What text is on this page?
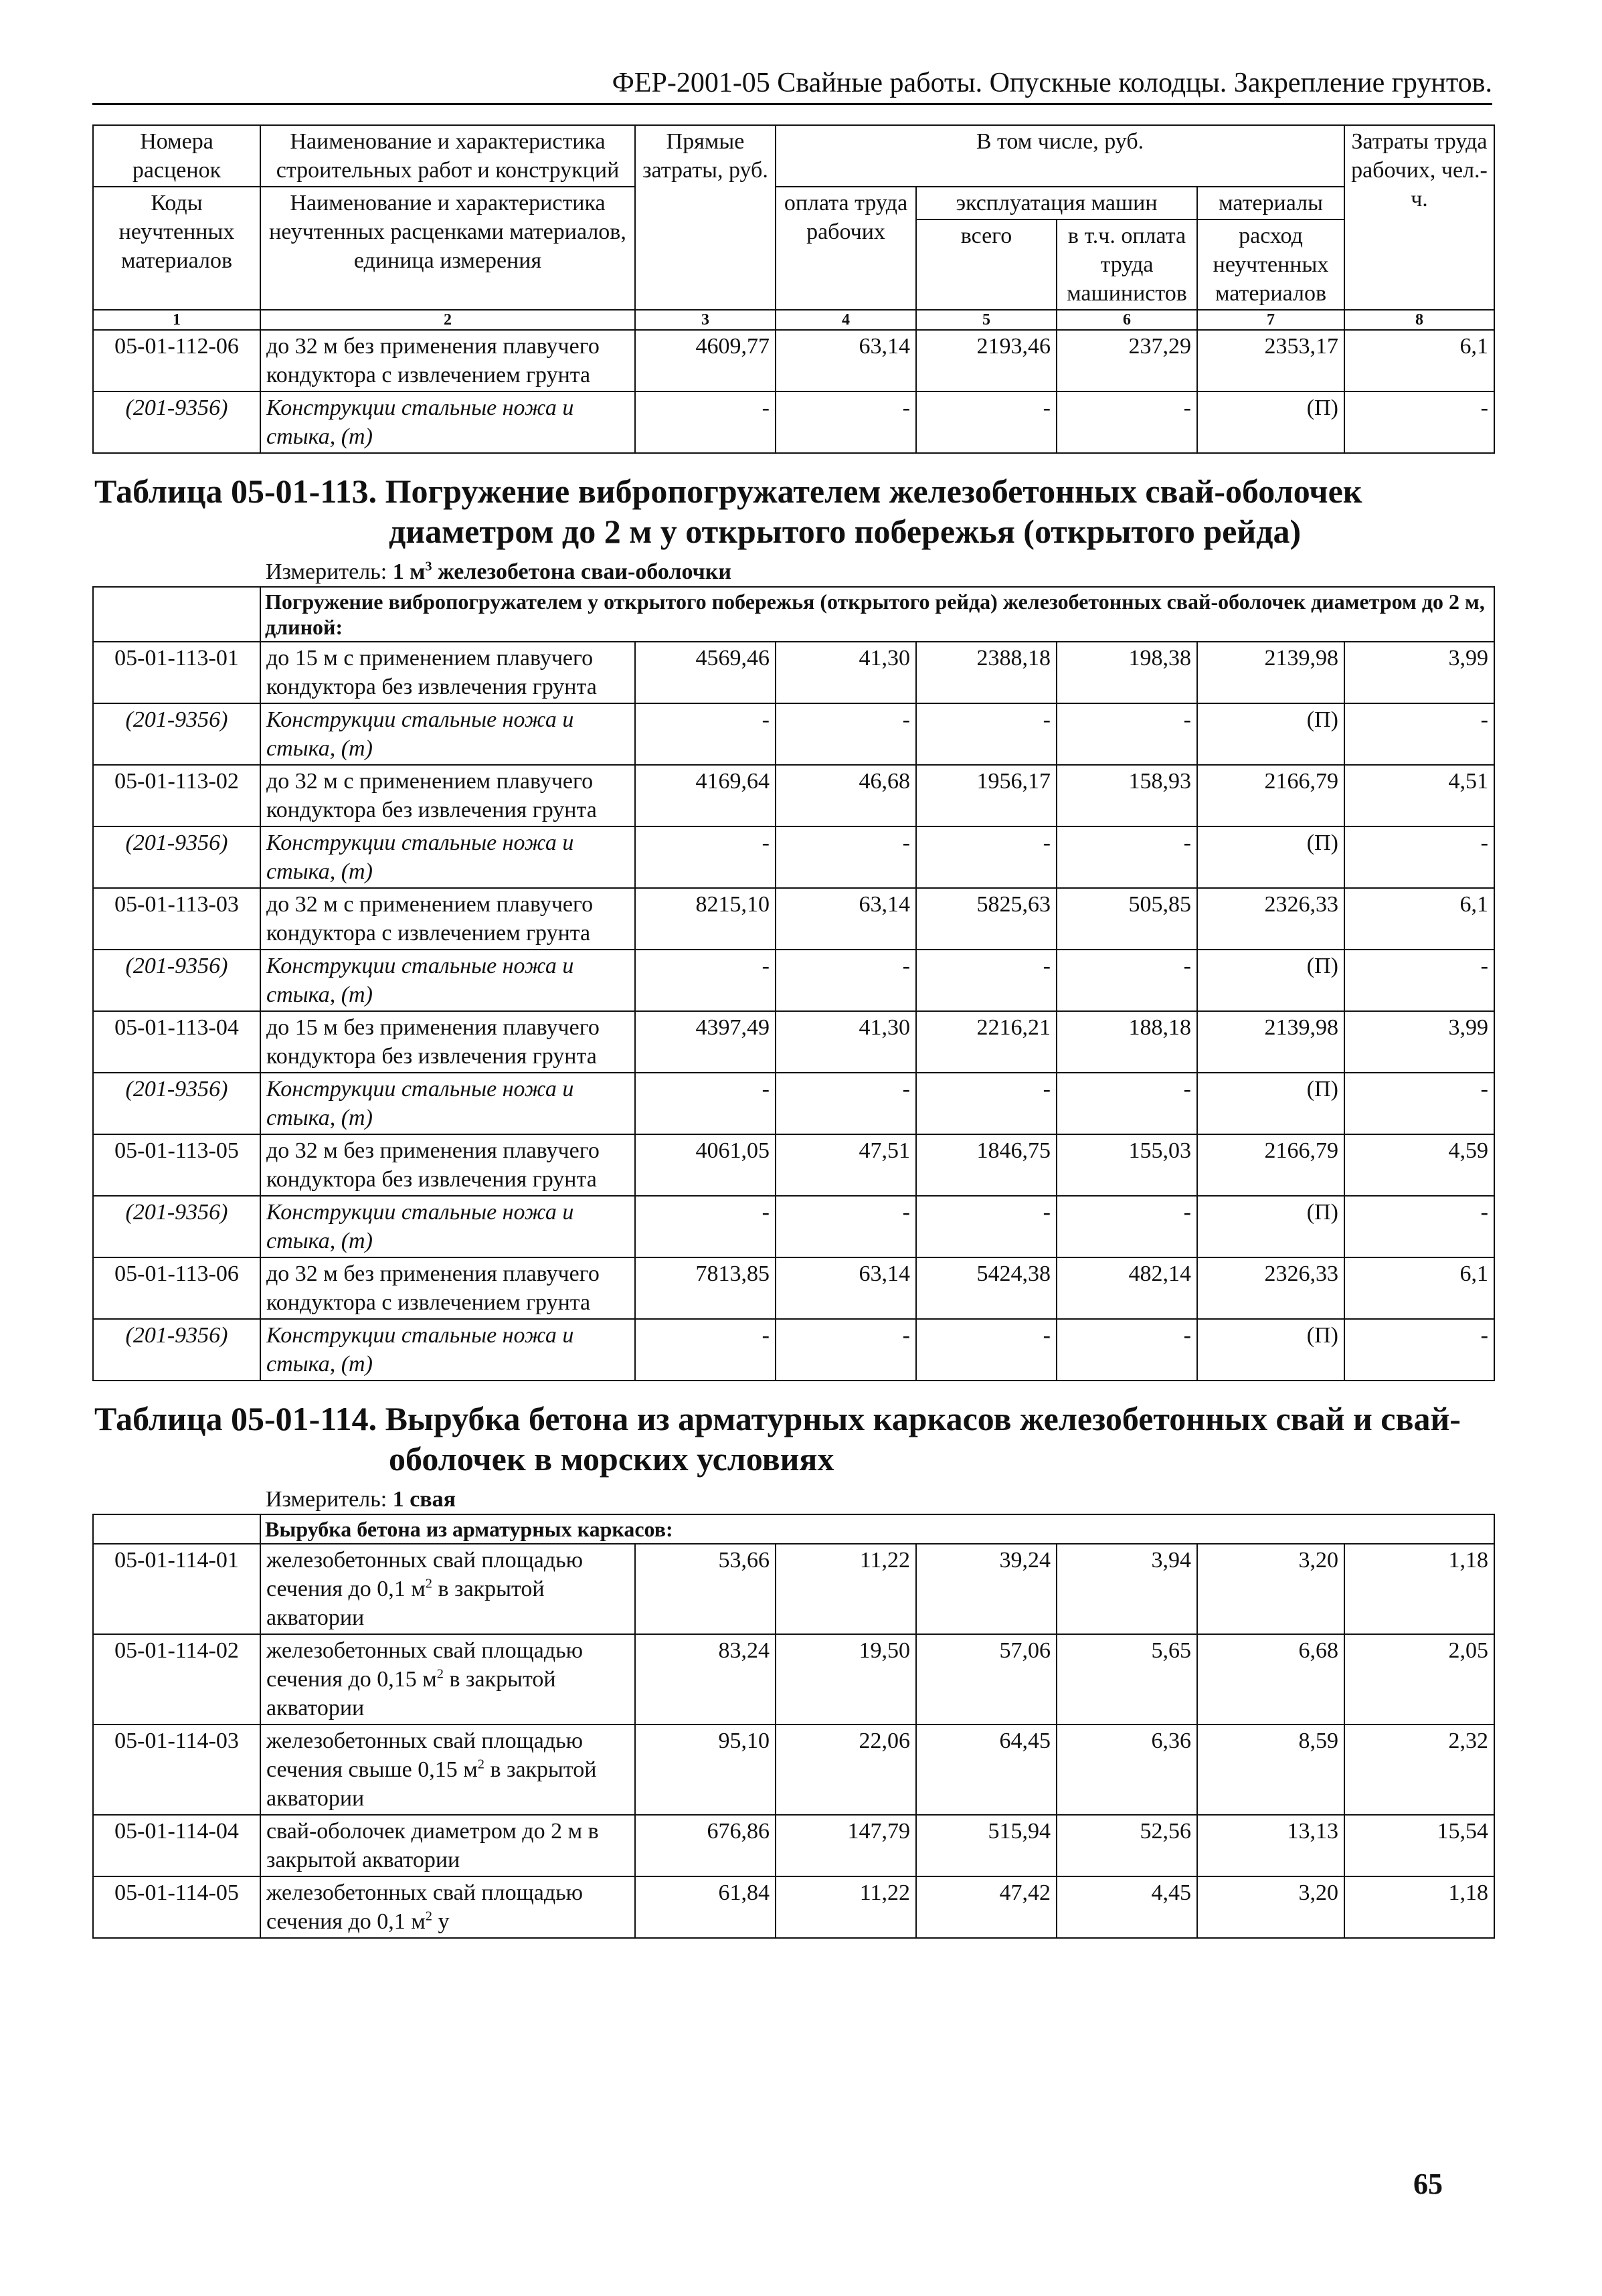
ФЕР-2001-05 Свайные работы. Опускные колодцы. Закрепление грунтов.
Номера расценок	Наименование и характеристика строительных работ и конструкций	Прямые затраты, руб.	В том числе, руб.				Затраты труда рабочих, чел.-ч.
Коды неучтенных материалов	Наименование и характеристика неучтенных расценками материалов, единица измерения		оплата труда рабочих	эксплуатация машин		материалы	
				всего	в т.ч. оплата труда машинистов	расход неучтенных материалов	
1	2	3	4	5	6	7	8
05-01-112-06	до 32 м без применения плавучего кондуктора с извлечением грунта	4609,77	63,14	2193,46	237,29	2353,17	6,1
(201-9356)	Конструкции стальные ножа и стыка, (т)	-	-	-	-	(П)	-

Таблица 05-01-113. Погружение вибропогружателем железобетонных свай-оболочек
диаметром до 2 м у открытого побережья (открытого рейда)							

Измеритель: 1 $м^3$ железобетона сваи-оболочки							
	Погружение вибропогружателем у открытого побережья (открытого рейда) железобетонных свай-оболочек диаметром до 2 м, длиной:						
05-01-113-01	до 15 м с применением плавучего кондуктора без извлечения грунта	4569,46	41,30	2388,18	198,38	2139,98	3,99
(201-9356)	Конструкции стальные ножа и стыка, (т)	-	-	-	-	(П)	-
05-01-113-02	до 32 м с применением плавучего кондуктора без извлечения грунта	4169,64	46,68	1956,17	158,93	2166,79	4,51
(201-9356)	Конструкции стальные ножа и стыка, (т)	-	-	-	-	(П)	-
05-01-113-03	до 32 м с применением плавучего кондуктора с извлечением грунта	8215,10	63,14	5825,63	505,85	2326,33	6,1
(201-9356)	Конструкции стальные ножа и стыка, (т)	-	-	-	-	(П)	-
05-01-113-04	до 15 м без применения плавучего кондуктора без извлечения грунта	4397,49	41,30	2216,21	188,18	2139,98	3,99
(201-9356)	Конструкции стальные ножа и стыка, (т)	-	-	-	-	(П)	-
05-01-113-05	до 32 м без применения плавучего кондуктора без извлечения грунта	4061,05	47,51	1846,75	155,03	2166,79	4,59
(201-9356)	Конструкции стальные ножа и стыка, (т)	-	-	-	-	(П)	-
05-01-113-06	до 32 м без применения плавучего кондуктора с извлечением грунта	7813,85	63,14	5424,38	482,14	2326,33	6,1
(201-9356)	Конструкции стальные ножа и стыка, (т)	-	-	-	-	(П)	-

Таблица 05-01-114. Вырубка бетона из арматурных каркасов железобетонных свай и свай-
оболочек в морских условиях							

Измеритель: 1 свая							
	Вырубка бетона из арматурных каркасов:						
05-01-114-01	железобетонных свай площадью сечения до 0,1 $м^2$ в закрытой акватории	53,66	11,22	39,24	3,94	3,20	1,18
05-01-114-02	железобетонных свай площадью сечения до 0,15 $м^2$ в закрытой акватории	83,24	19,50	57,06	5,65	6,68	2,05
05-01-114-03	железобетонных свай площадью сечения свыше 0,15 $м^2$ в закрытой акватории	95,10	22,06	64,45	6,36	8,59	2,32
05-01-114-04	свай-оболочек диаметром до 2 м в закрытой акватории	676,86	147,79	515,94	52,56	13,13	15,54
05-01-114-05	железобетонных свай площадью сечения до 0,1 $м^2$ у	61,84	11,22	47,42	4,45	3,20	1,18
65
